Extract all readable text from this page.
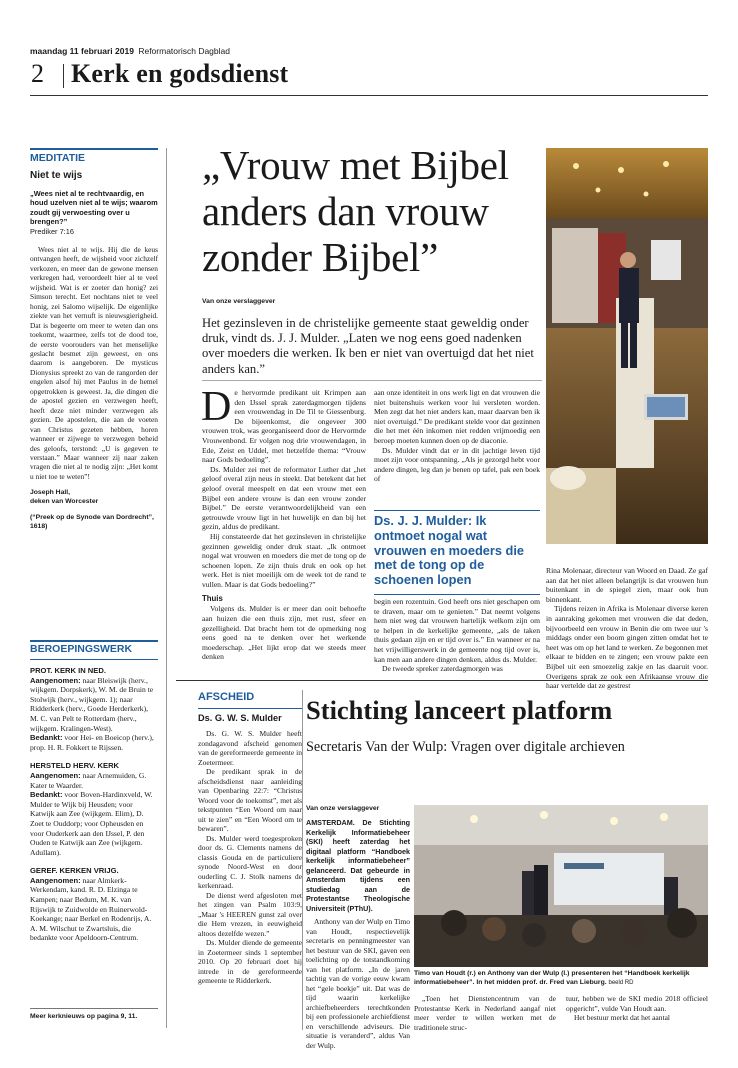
maandag 11 februari 2019 Reformatorisch Dagblad
2 Kerk en godsdienst
MEDITATIE
Niet te wijs
„Wees niet al te rechtvaardig, en houd uzelven niet al te wijs; waarom zoudt gij verwoesting over u brengen?”
Prediker 7:16

Wees niet al te wijs. Hij die de keus ontvangen heeft, de wijsheid voor zichzelf verkozen, en meer dan de gewone mensen verkregen had, veroordeelt hier al te veel wijsheid. Wat is er zoeter dan honig? zei Simson terecht. Eet nochtans niet te veel honig, zei Salomo wijselijk. De eigenlijke ziekte van het vernuft is nieuwsgierigheid. Dat is begeerte om meer te weten dan ons toekomt, waarmee, zelfs tot de dood toe, de eerste voorouders van het menselijke geslacht besmet zijn geweest, en ons daarom is aangeboren. De mysticus Dionysius spreekt zo van de rangorden der engelen alsof hij met Paulus in de hemel opgetrokken is geweest. Ja, die dingen die de apostel gezien en verzwegen heeft, heeft deze niet minder verzwegen als gezien. De apostelen, die aan de voeten van Christus gezeten hebben, horen wanneer er zijwege te verzwegen beheid des geloofs, terstond: „U is gegeven te verstaan.” Maar wanneer zij naar zaken vragen die niet al te nodig zijn: „Het komt u niet toe te weten”!

Joseph Hall,
deken van Worcester
(“Preek op de Synode van Dordrecht”, 1618)
BEROEPINGSWERK
PROT. KERK IN NED.
Aangenomen: naar Bleiswijk (herv., wijkgem. Dorpskerk), W. M. de Bruin te Stolwijk (herv., wijkgem. 1); naar Ridderkerk (herv., Goede Herderkerk), M. C. van Pelt te Rotterdam (herv., wijkgem. Kralingen-West).
Bedankt: voor Hei- en Boeicop (herv.), prop. H. R. Fokkert te Rijssen.
HERSTELD HERV. KERK
Aangenomen: naar Arnemuiden, G. Kater te Waarder.
Bedankt: voor Boven-Hardinxveld, W. Mulder te Wijk bij Heusden; voor Katwijk aan Zee (wijkgem. Elim), D. Zoet te Ouddorp; voor Opheusden en voor Ouderkerk aan den IJssel, P. den Ouden te Katwijk aan Zee (wijkgem. Adullam).
GEREF. KERKEN VRIJG.
Aangenomen: naar Almkerk-Werkendam, kand. R. D. Elzinga te Kampen; naar Bedum, M. K. van Rijswijk te Zuidwolde en Ruinerwold-Koekange; naar Berkel en Rodenrijs, A. A. M. Wilschut te Zwartsluis, die bedankte voor Apeldoorn-Centrum.
Meer kerknieuws op pagina 9, 11.
„Vrouw met Bijbel anders dan vrouw zonder Bijbel”
Van onze verslaggever
Het gezinsleven in de christelijke gemeente staat geweldig onder druk, vindt ds. J. J. Mulder. „Laten we nog eens goed nadenken over moeders die werken. Ik ben er niet van overtuigd dat het niet anders kan.”
D e hervormde predikant uit Krimpen aan den IJssel sprak zaterdagmorgen tijdens een vrouwendag in De Til te Giessenburg. De bijeenkomst, die ongeveer 300 vrouwen trok, was georganiseerd door de Hervormde Vrouwenbond. Er volgen nog drie vrouwendagen, in Ede, Zeist en Uddel, met hetzelfde thema: “Vrouw naar Gods bedoeling”.

Ds. Mulder zei met de reformator Luther dat „het geloof overal zijn neus in steekt. Dat betekent dat het geloof overal meespelt en dat een vrouw met een Bijbel een andere vrouw is dan een vrouw zonder Bijbel.” De eerste verantwoordelijkheid van een getrouwde vrouw ligt in het huwelijk en dan bij het gezin, aldus de predikant.

Hij constateerde dat het gezinsleven in christelijke gezinnen geweldig onder druk staat. „Ik ontmoet nogal wat vrouwen en moeders die met de tong op de schoenen lopen. Ze zijn thuis druk en ook op het werk. Het is niet moeilijk om de week tot de rand te vullen. Maar is dat Gods bedoeling?”

Thuis

Volgens ds. Mulder is er meer dan ooit behoefte aan huizen die een thuis zijn, met rust, sfeer en gezelligheid. Dat bracht hem tot de opmerking nog eens goed na te denken over het werkende moederschap. „Het lijkt erop dat we steeds meer denken

aan onze identiteit in ons werk ligt en dat vrouwen die niet buitenshuis werken voor lui versleten worden. Men zegt dat het niet anders kan, maar daarvan ben ik niet overtuigd.” De predikant stelde voor dat gezinnen die het met één inkomen niet redden vrijmoedig een beroep moeten kunnen doen op de diaconie.

Ds. Mulder vindt dat er in dit jachtige leven tijd moet zijn voor ontspanning. „Als je gezorgd hebt voor andere dingen, leg dan je benen op tafel, pak een boek of

Ds. J. J. Mulder: Ik ontmoet nogal wat vrouwen en moeders die met de tong op de schoenen lopen

begin een rozentuin. God heeft ons niet geschapen om te draven, maar om te genieten.” Dat neemt volgens hem niet weg dat vrouwen hartelijk welkom zijn om te helpen in de kerkelijke gemeente, „als de taken thuis gedaan zijn en er tijd over is.” En wanneer er na het vrijwilligerswerk in de gemeente nog tijd over is, kan men aan andere dingen denken, aldus ds. Mulder.

De tweede spreker zaterdagmorgen was

Rina Molenaar, directeur van Woord en Daad. Ze gaf aan dat het niet alleen belangrijk is dat vrouwen hun buitenkant in de spiegel zien, maar ook hun binnenkant.

Tijdens reizen in Afrika is Molenaar diverse keren in aanraking gekomen met vrouwen die dat deden, bijvoorbeeld een vrouw in Benin die om twee uur 's middags onder een boom gingen zitten omdat het te heet was om op het land te werken. Ze begonnen met elkaar te bidden en te zingen; een vrouw pakte een Bijbel uit een smoezelig zakje en las daaruit voor. Overigens sprak ze ook een Afrikaanse vrouw die haar vertelde dat ze gestrest

AFSCHEID
Ds. G. W. S. Mulder

Ds. G. W. S. Mulder heeft zondagavond afscheid genomen van de gereformeerde gemeente in Zoetermeer.

De predikant sprak in de afscheidsdienst naar aanleiding van Openbaring 22:7: “Christus Woord voor de toekomst”, met als tekstpunten “Een Woord om naar uit te zien” en “Een Woord om te bewaren”.

Ds. Mulder werd toegesproken door ds. G. Clements namens de classis Gouda en de particuliere synode Noord-West en door ouderling C. J. Stolk namens de kerkenraad.

De dienst werd afgesloten met het zingen van Psalm 103:9, „Maar 's HEEREN gunst zal over die Hem vrezen, in eeuwigheid altoos dezelfde wezen.”

Ds. Mulder diende de gemeente in Zoetermeer sinds 1 september 2010. Op 20 februari doet hij intrede in de gereformeerde gemeente te Ridderkerk.

Stichting lanceert platform
Secretaris Van der Wulp: Vragen over digitale archieven
Van onze verslaggever

AMSTERDAM. De Stichting Kerkelijk Informatiebeheer (SKI) heeft zaterdag het digitaal platform “Handboek kerkelijk informatiebeheer” gelanceerd. Dat gebeurde in Amsterdam tijdens een studiedag aan de Protestantse Theologische Universiteit (PThU).

Anthony van der Wulp en Timo van Houdt, respectievelijk secretaris en penningmeester van het bestuur van de SKI, gaven een toelichting op de totstandkoming van het platform. „In de jaren tachtig van de vorige eeuw kwam het “gele boekje” uit. Dat was de tijd waarin kerkelijke archiefbeheerders terechtkonden bij een professionele archiefdienst en verschillende adviseurs. Die situatie is veranderd”, aldus Van der Wulp.

Timo van Houdt (r.) en Anthony van der Wulp (l.) presenteren het “Handboek kerkelijk informatiebeheer”. In het midden prof. dr. Fred van Lieburg. beeld RD

„Toen het Dienstencentrum van de Protestantse Kerk in Nederland aangaf niet meer verder te willen werken met de traditionele struc-

tuur, hebben we de SKI medio 2018 officieel opgericht”, vulde Van Houdt aan.

Het bestuur merkt dat het aantal
